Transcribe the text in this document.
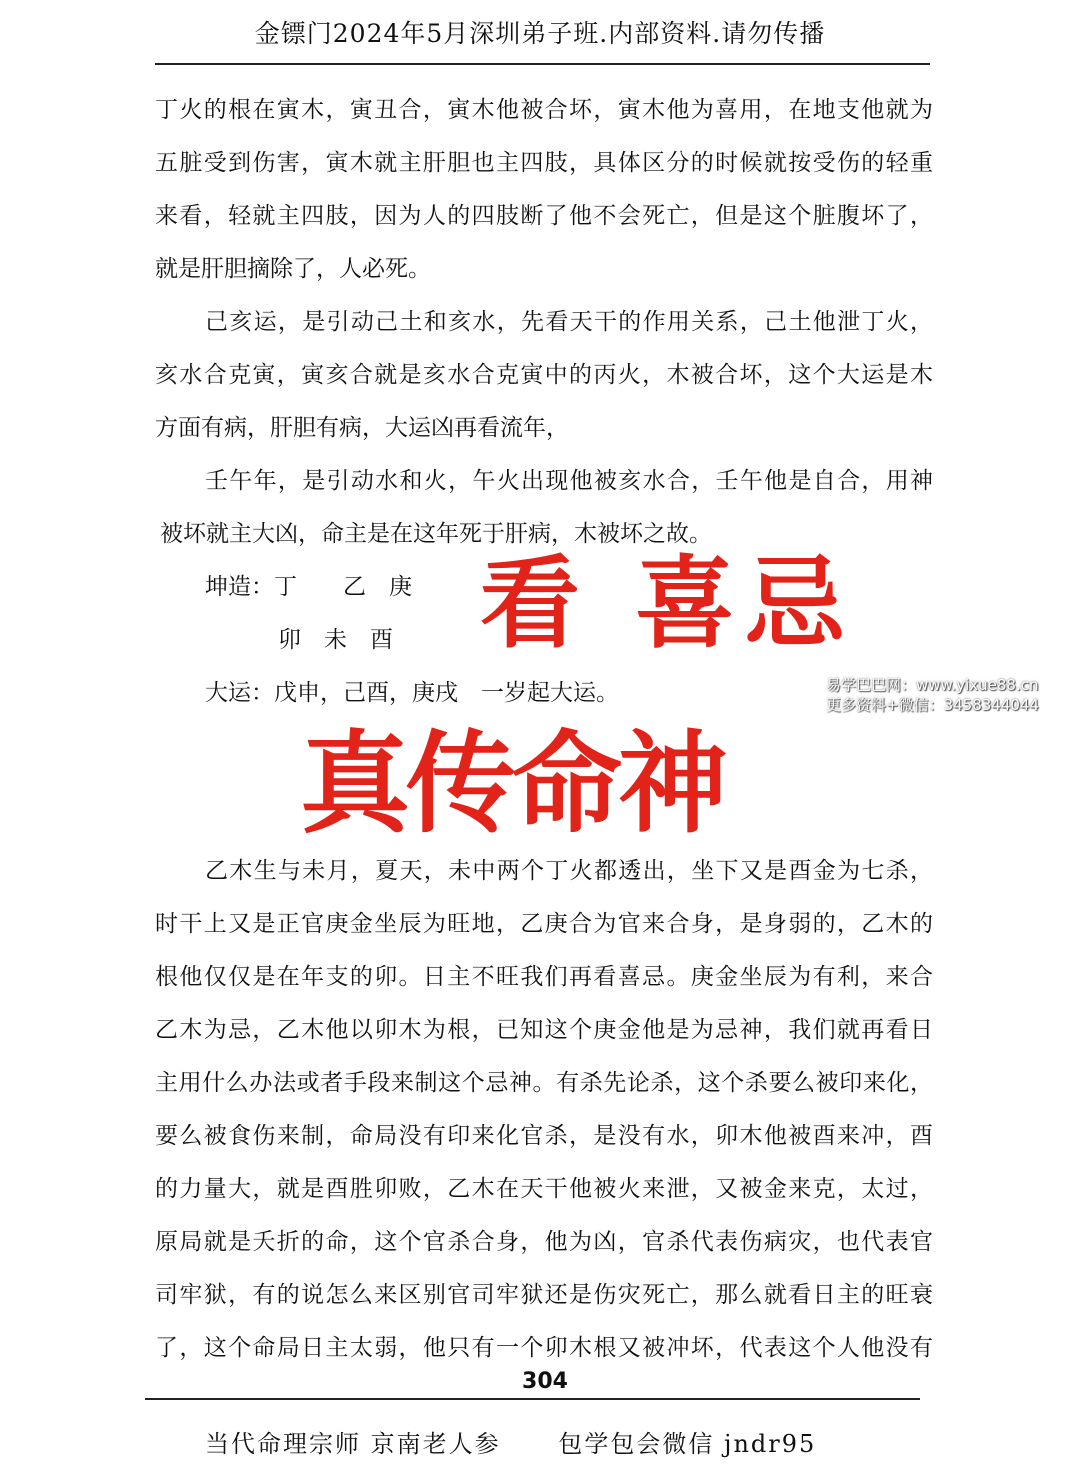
金镖门2024年5月深圳弟子班.内部资料.请勿传播
丁火的根在寅木，寅丑合，寅木他被合坏，寅木他为喜用，在地支他就为
五脏受到伤害，寅木就主肝胆也主四肢，具体区分的时候就按受伤的轻重
来看，轻就主四肢，因为人的四肢断了他不会死亡，但是这个脏腹坏了，
就是肝胆摘除了，人必死。
己亥运，是引动己土和亥水，先看天干的作用关系，己土他泄丁火，
亥水合克寅，寅亥合就是亥水合克寅中的丙火，木被合坏，这个大运是木
方面有病，肝胆有病，大运凶再看流年，
壬午年，是引动水和火，午火出现他被亥水合，壬午他是自合，用神
被坏就主大凶，命主是在这年死于肝病，木被坏之故。
坤造：丁　　乙　庚
卯　未　酉
大运：戊申，己酉，庚戌　一岁起大运。
乙木生与未月，夏天，未中两个丁火都透出，坐下又是酉金为七杀，
时干上又是正官庚金坐辰为旺地，乙庚合为官来合身，是身弱的，乙木的
根他仅仅是在年支的卯。日主不旺我们再看喜忌。庚金坐辰为有利，来合
乙木为忌，乙木他以卯木为根，已知这个庚金他是为忌神，我们就再看日
主用什么办法或者手段来制这个忌神。有杀先论杀，这个杀要么被印来化，
要么被食伤来制，命局没有印来化官杀，是没有水，卯木他被酉来冲，酉
的力量大，就是酉胜卯败，乙木在天干他被火来泄，又被金来克，太过，
原局就是夭折的命，这个官杀合身，他为凶，官杀代表伤病灾，也代表官
司牢狱，有的说怎么来区别官司牢狱还是伤灾死亡，那么就看日主的旺衰
了，这个命局日主太弱，他只有一个卯木根又被冲坏，代表这个人他没有
看 喜忌
真传命神
易学巴巴网：www.yixue88.cn
更多资料+微信：3458344044
304
当代命理宗师 京南老人参      包学包会微信 jndr95
